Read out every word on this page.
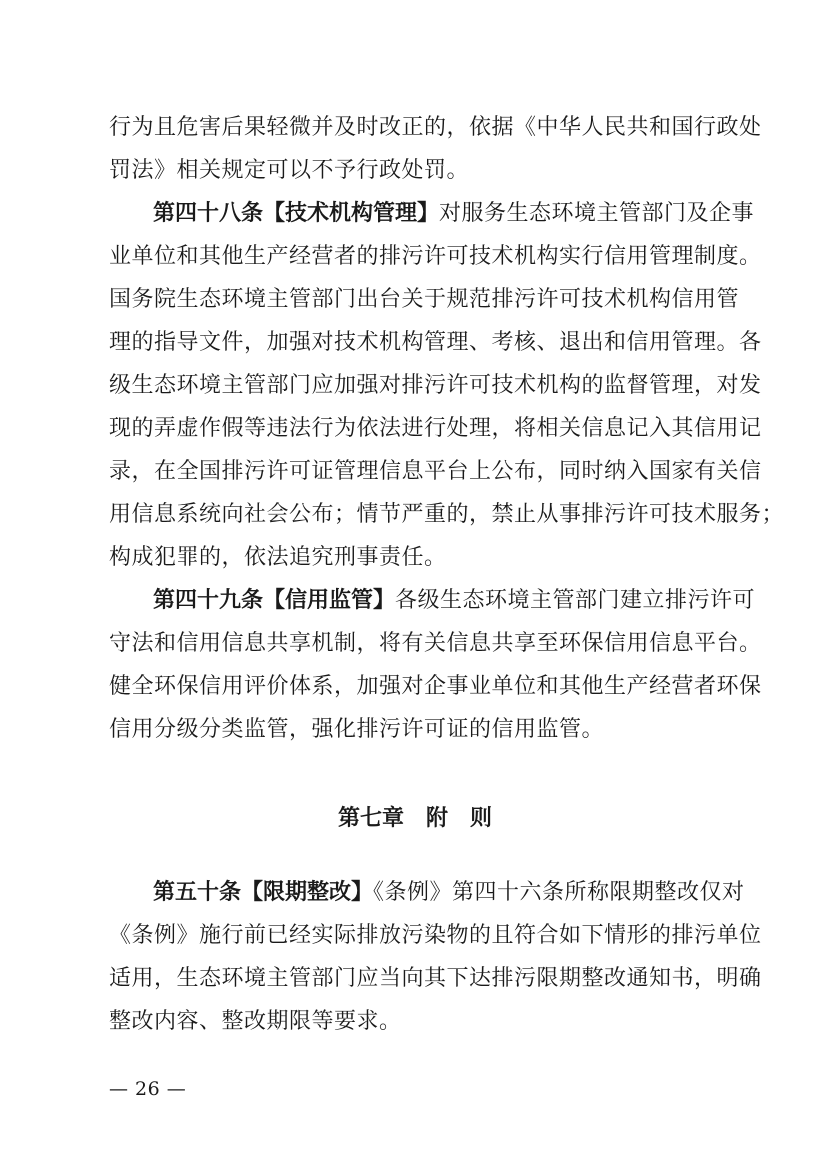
行为且危害后果轻微并及时改正的，依据《中华人民共和国行政处
罚法》相关规定可以不予行政处罚。
第四十八条【技术机构管理】对服务生态环境主管部门及企事
业单位和其他生产经营者的排污许可技术机构实行信用管理制度。
国务院生态环境主管部门出台关于规范排污许可技术机构信用管
理的指导文件，加强对技术机构管理、考核、退出和信用管理。各
级生态环境主管部门应加强对排污许可技术机构的监督管理，对发
现的弄虚作假等违法行为依法进行处理，将相关信息记入其信用记
录，在全国排污许可证管理信息平台上公布，同时纳入国家有关信
用信息系统向社会公布；情节严重的，禁止从事排污许可技术服务；
构成犯罪的，依法追究刑事责任。
第四十九条【信用监管】各级生态环境主管部门建立排污许可
守法和信用信息共享机制，将有关信息共享至环保信用信息平台。
健全环保信用评价体系，加强对企事业单位和其他生产经营者环保
信用分级分类监管，强化排污许可证的信用监管。
第七章　附　则
第五十条【限期整改】《条例》第四十六条所称限期整改仅对
《条例》施行前已经实际排放污染物的且符合如下情形的排污单位
适用，生态环境主管部门应当向其下达排污限期整改通知书，明确
整改内容、整改期限等要求。
— 26 —
